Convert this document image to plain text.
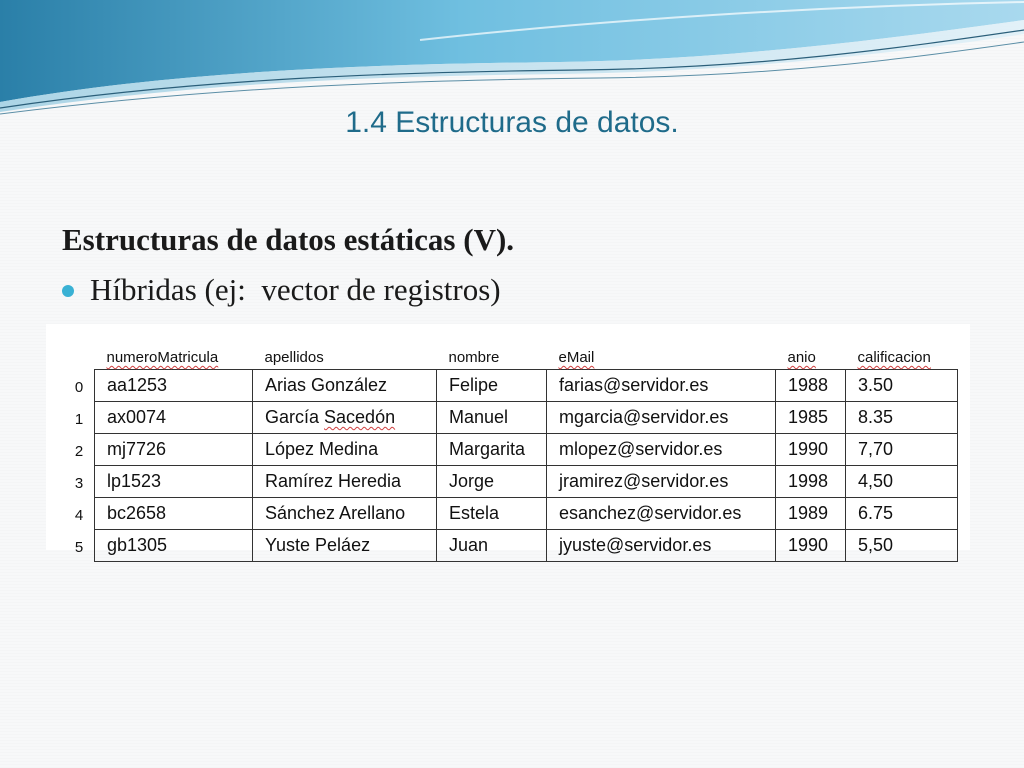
1.4 Estructuras de datos.
Estructuras de datos estáticas (V).
Híbridas (ej:  vector de registros)
	numeroMatricula	apellidos	nombre	eMail	anio	calificacion
0	aa1253	Arias González	Felipe	farias@servidor.es	1988	3.50
1	ax0074	García Sacedón	Manuel	mgarcia@servidor.es	1985	8.35
2	mj7726	López Medina	Margarita	mlopez@servidor.es	1990	7,70
3	lp1523	Ramírez Heredia	Jorge	jramirez@servidor.es	1998	4,50
4	bc2658	Sánchez Arellano	Estela	esanchez@servidor.es	1989	6.75
5	gb1305	Yuste Peláez	Juan	jyuste@servidor.es	1990	5,50
